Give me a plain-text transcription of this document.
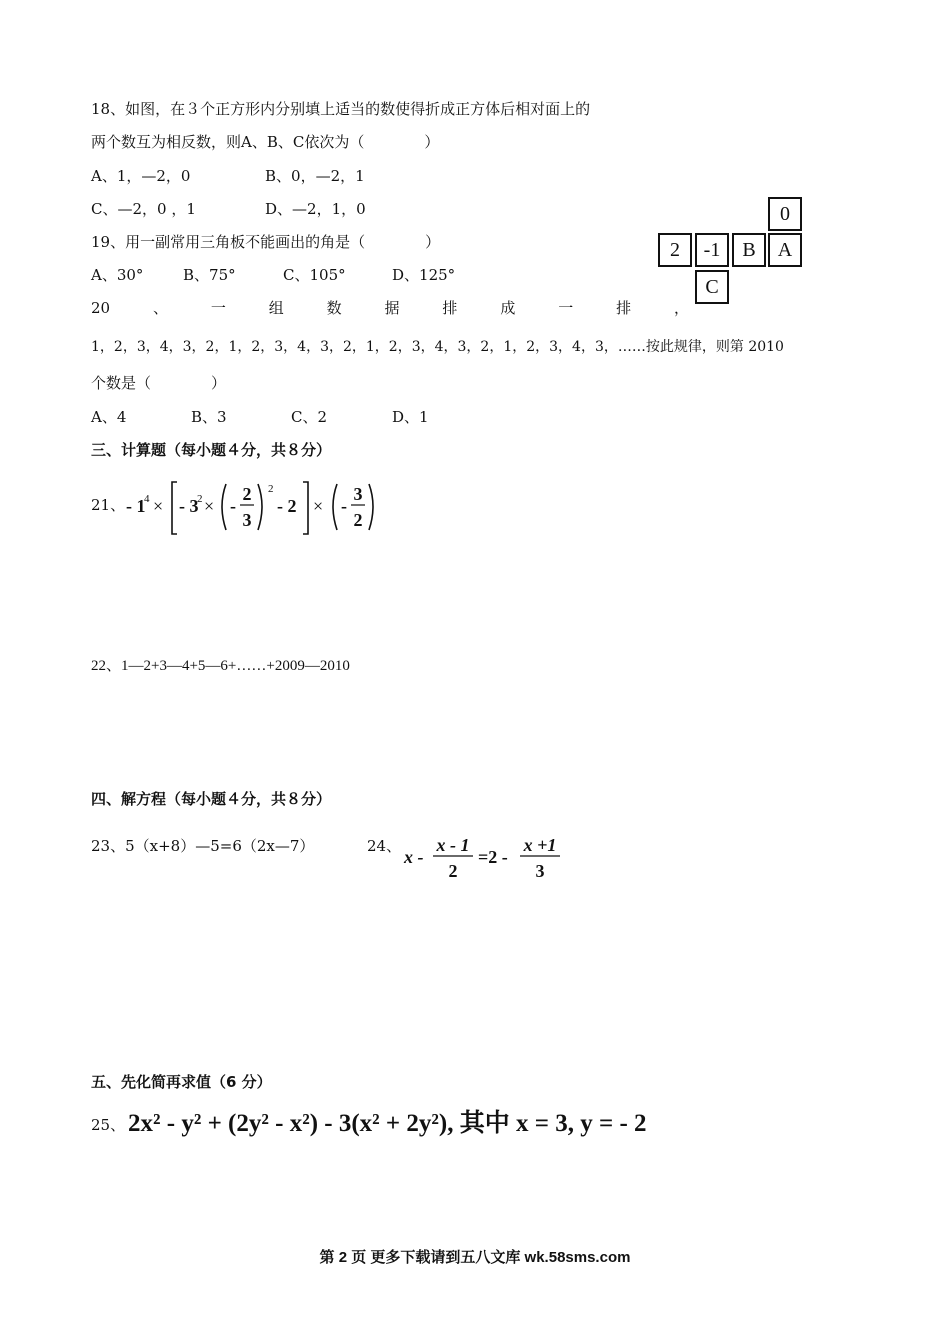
18、如图，在３个正方形内分别填上适当的数使得折成正方体后相对面上的
两个数互为相反数，则A、B、C依次为（　　　　）
A、1，—2，0	B、0，—2，1
C、—2，0 ，1	D、—2，1，0	0
2	-1	B	A
C
19、用一副常用三角板不能画出的角是（　　　　）
A、30°	B、75°	C、105°	D、125°
20	、	一	组	数	据	排	成	一	排	，
1，2，3，4，3，2，1，2，3，4，3，2，1，2，3，4，3，2，1，2，3，4，3，……按此规律，则第 2010
个数是（　　　　）
A、4	B、3	C、2	D、1
三、计算题（每小题４分，共８分）
21、 - 1
4 × - 3
2 × -
2
3
2
- 2 × -
3
2
22、1—2+3—4+5—6+……+2009—2010
四、解方程（每小题４分，共８分）
23、5（x+8）—5=6（2x—7）	24、
x -
x - 1
2
=2 -
x +1
3
五、先化简再求值（6 分）
25、 2x² - y² + (2y² - x²) - 3(x² + 2y²), 其中 x = 3, y = - 2
第 2 页 更多下载请到五八文库 wk.58sms.com
